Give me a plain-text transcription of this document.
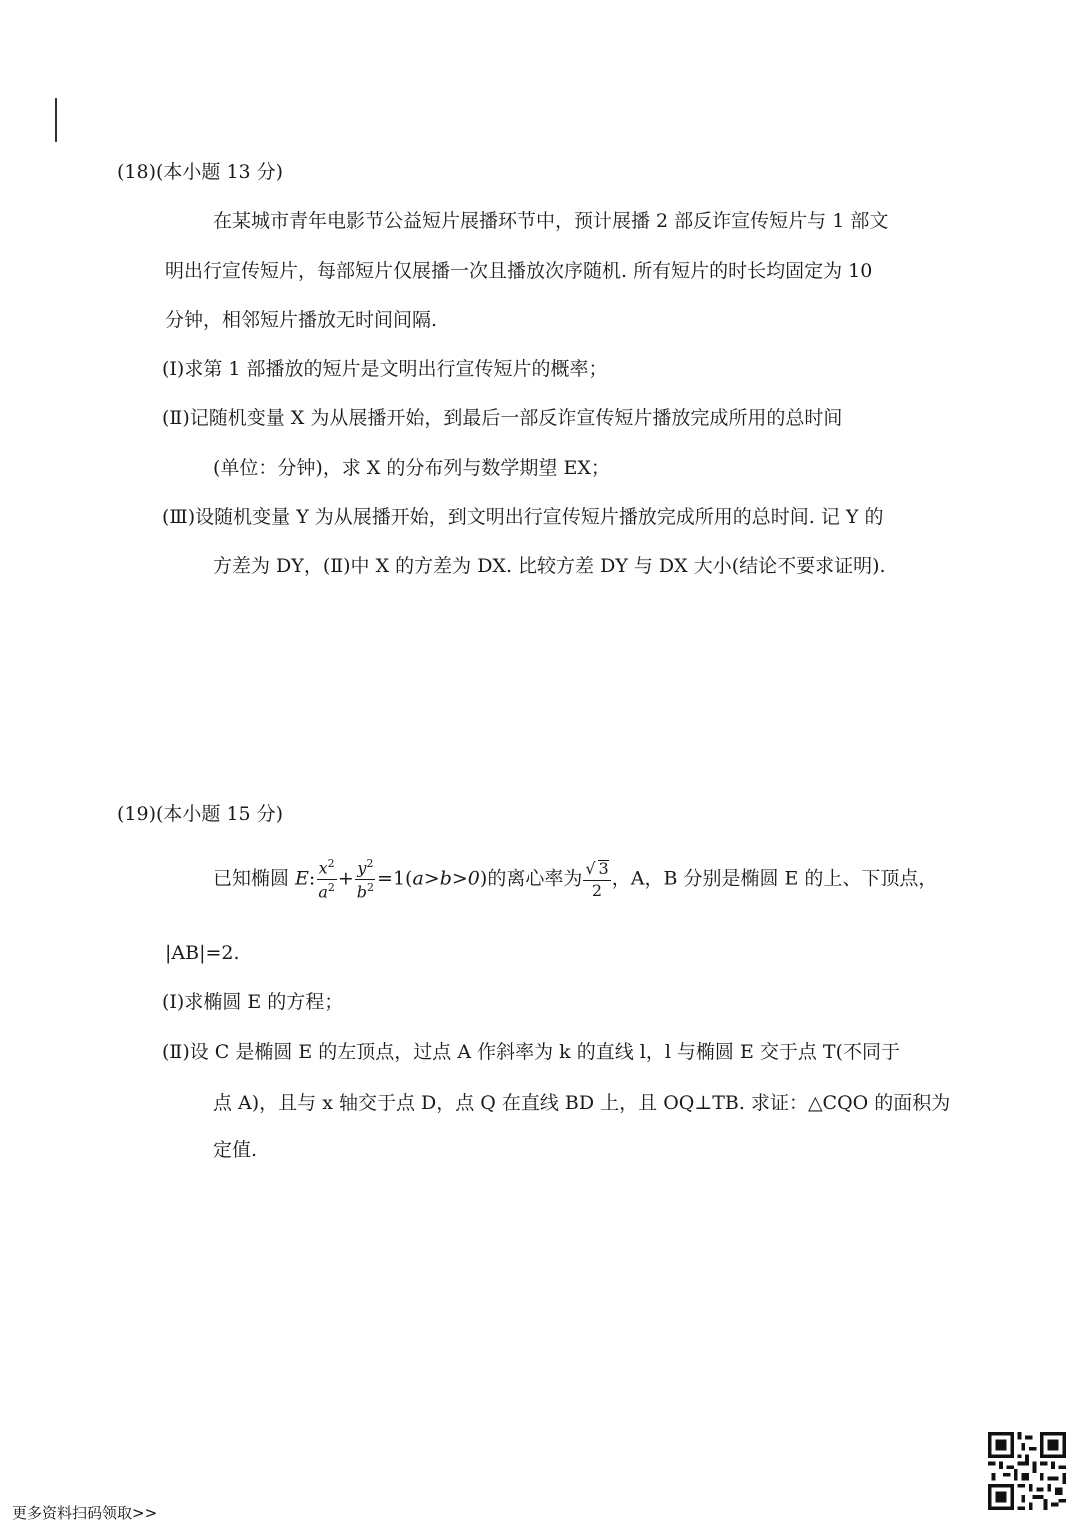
(18)(本小题 13 分)
在某城市青年电影节公益短片展播环节中，预计展播 2 部反诈宣传短片与 1 部文
明出行宣传短片，每部短片仅展播一次且播放次序随机. 所有短片的时长均固定为 10
分钟，相邻短片播放无时间间隔.
(Ⅰ)求第 1 部播放的短片是文明出行宣传短片的概率；
(Ⅱ)记随机变量 X 为从展播开始，到最后一部反诈宣传短片播放完成所用的总时间
(单位：分钟)，求 X 的分布列与数学期望 EX；
(Ⅲ)设随机变量 Y 为从展播开始，到文明出行宣传短片播放完成所用的总时间. 记 Y 的
方差为 DY，(Ⅱ)中 X 的方差为 DX. 比较方差 DY 与 DX 大小(结论不要求证明).
(19)(本小题 15 分)
已知椭圆 E: $\frac{x^2}{a^2} + \frac{y^2}{b^2} =1(a>b>0)$的离心率为 $\frac{√ 3}{2}$ ，A，B 分别是椭圆 E 的上、下顶点，
|AB|=2.
(Ⅰ)求椭圆 E 的方程；
(Ⅱ)设 C 是椭圆 E 的左顶点，过点 A 作斜率为 k 的直线 l，l 与椭圆 E 交于点 T(不同于
点 A)，且与 x 轴交于点 D，点 Q 在直线 BD 上，且 OQ⊥TB. 求证：△CQO 的面积为
定值.
更多资料扫码领取>>
